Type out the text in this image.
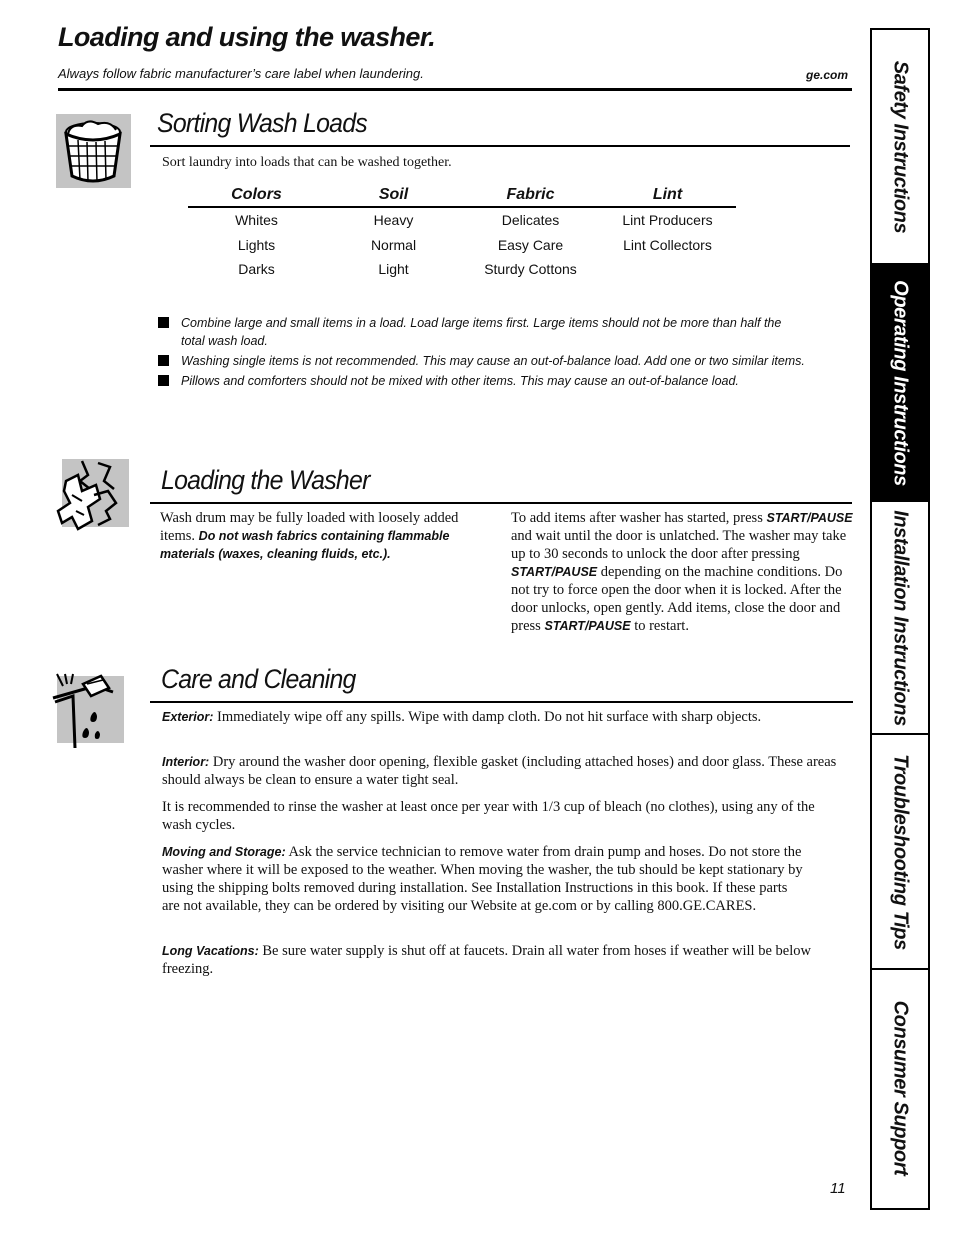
Loading and using the washer.
Always follow fabric manufacturer’s care label when laundering.	ge.com
Sorting Wash Loads
Sort laundry into loads that can be washed together.
Colors	Soil	Fabric	Lint
Whites	Heavy	Delicates	Lint Producers
Lights	Normal	Easy Care	Lint Collectors
Darks	Light	Sturdy Cottons	
Combine large and small items in a load. Load large items first. Large items should not be more than half the total wash load.
Washing single items is not recommended. This may cause an out-of-balance load. Add one or two similar items.
Pillows and comforters should not be mixed with other items. This may cause an out-of-balance load.
Loading the Washer
Wash drum may be fully loaded with loosely added items. Do not wash fabrics containing flammable materials (waxes, cleaning fluids, etc.).
To add items after washer has started, press START/PAUSE and wait until the door is unlatched. The washer may take up to 30 seconds to unlock the door after pressing START/PAUSE depending on the machine conditions. Do not try to force open the door when it is locked. After the door unlocks, open gently. Add items, close the door and press START/PAUSE to restart.
Care and Cleaning
Exterior: Immediately wipe off any spills. Wipe with damp cloth. Do not hit surface with sharp objects.
Interior: Dry around the washer door opening, flexible gasket (including attached hoses) and door glass. These areas should always be clean to ensure a water tight seal.
It is recommended to rinse the washer at least once per year with 1/3 cup of bleach (no clothes), using any of the wash cycles.
Moving and Storage: Ask the service technician to remove water from drain pump and hoses. Do not store the washer where it will be exposed to the weather. When moving the washer, the tub should be kept stationary by using the shipping bolts removed during installation. See Installation Instructions in this book. If these parts are not available, they can be ordered by visiting our Website at ge.com or by calling 800.GE.CARES.
Long Vacations: Be sure water supply is shut off at faucets. Drain all water from hoses if weather will be below freezing.
Safety Instructions
Operating Instructions
Installation Instructions
Troubleshooting Tips
Consumer Support
11
